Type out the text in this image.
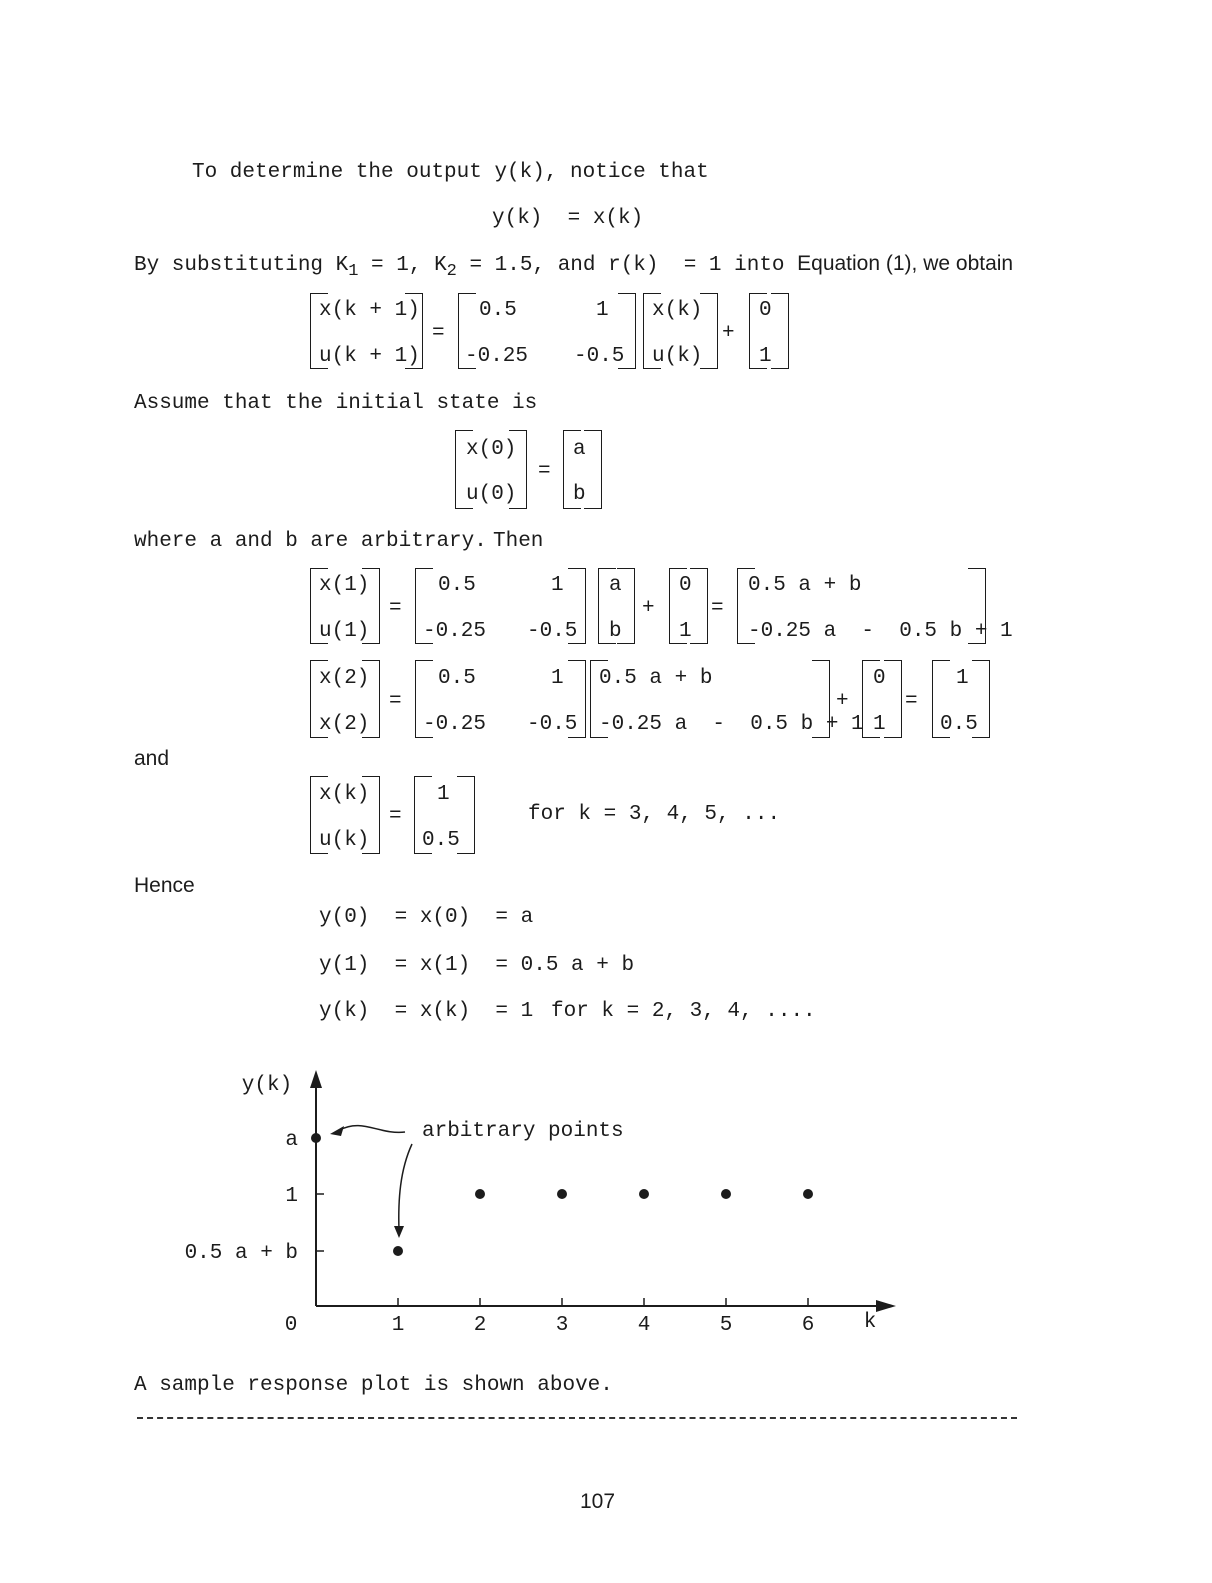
To determine the output y(k), notice that
y(k)  = x(k)
By substituting $K_1 = 1$, $K_2 = 1.5$, and r(k)  = 1 into Equation (1), we obtain
x(k + 1)
u(k + 1)
=
0.5	1
-0.25 -0.5
x(k)
u(k)
+
0
1
Assume that the initial state is
x(0)
u(0)
=
a
b
where a and b are arbitrary. Then
x(1)
u(1)
=
0.5	1
-0.25 -0.5
a
b
+
0
1
=
0.5 a + b
-0.25 a  -  0.5 b + 1
x(2)
x(2)
=
0.5	1
-0.25 -0.5
0.5 a + b
-0.25 a  -  0.5 b + 1
+
0
1
=
1
0.5
and
x(k)
u(k)
=
1
0.5
for k = 3, 4, 5, ...
Hence
y(0)  = x(0)  = a
y(1)  = x(1)  = 0.5 a + b
y(k)  = x(k)  = 1 for k = 2, 3, 4, ....
y(k)
k
arbitrary points
0	1	2	3	4	5	6
a
1
0.5 a + b
A sample response plot is shown above.
107
